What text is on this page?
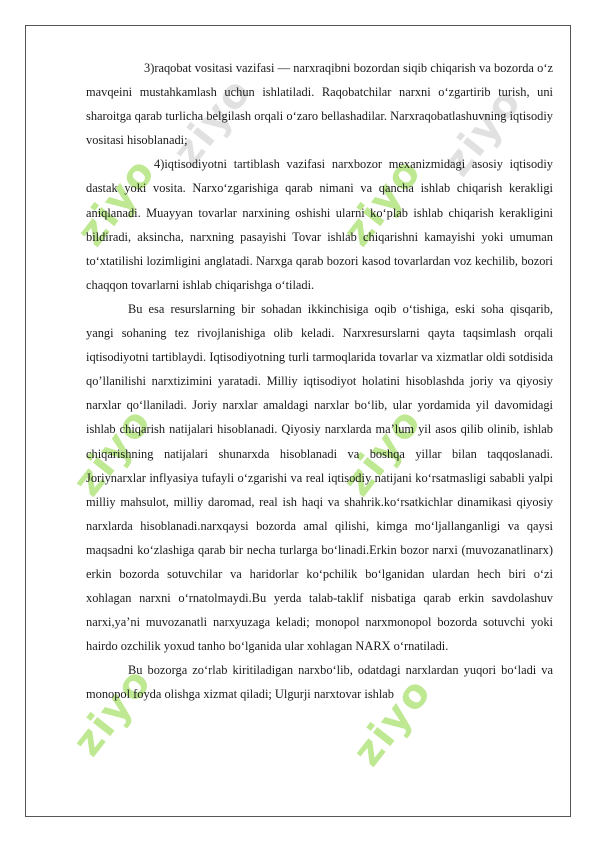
ziyo
ziyo	ziyo
ziyo
ziyo	ziyo
ziyo	ziyo

3)raqobat vositasi vazifasi — narxraqibni bozordan siqib chiqarish va bozorda o‘z mavqeini mustahkamlash uchun ishlatiladi. Raqobatchilar narxni o‘zgartirib turish, uni sharoitga qarab turlicha belgilash orqali o‘zaro bellashadilar. Narxraqobatlashuvning iqtisodiy vositasi hisoblanadi;

4)iqtisodiyotni tartiblash vazifasi narxbozor mexanizmidagi asosiy iqtisodiy dastak yoki vosita. Narxo‘zgarishiga qarab nimani va qancha ishlab chiqarish kerakligi aniqlanadi. Muayyan tovarlar narxining oshishi ularni ko‘plab ishlab chiqarish kerakligini bildiradi, aksincha, narxning pasayishi Tovar ishlab chiqarishni kamayishi yoki umuman to‘xtatilishi lozimligini anglatadi. Narxga qarab bozori kasod tovarlardan voz kechilib, bozori chaqqon tovarlarni ishlab chiqarishga o‘tiladi.

Bu esa resurslarning bir sohadan ikkinchisiga oqib o‘tishiga, eski soha qisqarib, yangi sohaning tez rivojlanishiga olib keladi. Narxresurslarni qayta taqsimlash orqali iqtisodiyotni tartiblaydi. Iqtisodiyotning turli tarmoqlarida tovarlar va xizmatlar oldi sotdisida qo’llanilishi narxtizimini yaratadi. Milliy iqtisodiyot holatini hisoblashda joriy va qiyosiy narxlar qo‘llaniladi. Joriy narxlar amaldagi narxlar bo‘lib, ular yordamida yil davomidagi ishlab chiqarish natijalari hisoblanadi. Qiyosiy narxlarda ma’lum yil asos qilib olinib, ishlab chiqarishning natijalari shunarxda hisoblanadi va boshqa yillar bilan taqqoslanadi. Joriynarxlar inflyasiya tufayli o‘zgarishi va real iqtisodiy natijani ko‘rsatmasligi sababli yalpi milliy mahsulot, milliy daromad, real ish haqi va shahrik.ko‘rsatkichlar dinamikasi qiyosiy narxlarda hisoblanadi.narxqaysi bozorda amal qilishi, kimga mo‘ljallanganligi va qaysi maqsadni ko‘zlashiga qarab bir necha turlarga bo‘linadi.Erkin bozor narxi (muvozanatlinarx) erkin bozorda sotuvchilar va haridorlar ko‘pchilik bo‘lganidan ulardan hech biri o‘zi xohlagan narxni o‘rnatolmaydi.Bu yerda talab-taklif nisbatiga qarab erkin savdolashuv narxi,ya’ni muvozanatli narxyuzaga keladi; monopol narxmonopol bozorda sotuvchi yoki hairdo ozchilik yoxud tanho bo‘lganida ular xohlagan NARX o‘rnatiladi.

Bu bozorga zo‘rlab kiritiladigan narxbo‘lib, odatdagi narxlardan yuqori bo‘ladi va monopol foyda olishga xizmat qiladi; Ulgurji narxtovar ishlab
